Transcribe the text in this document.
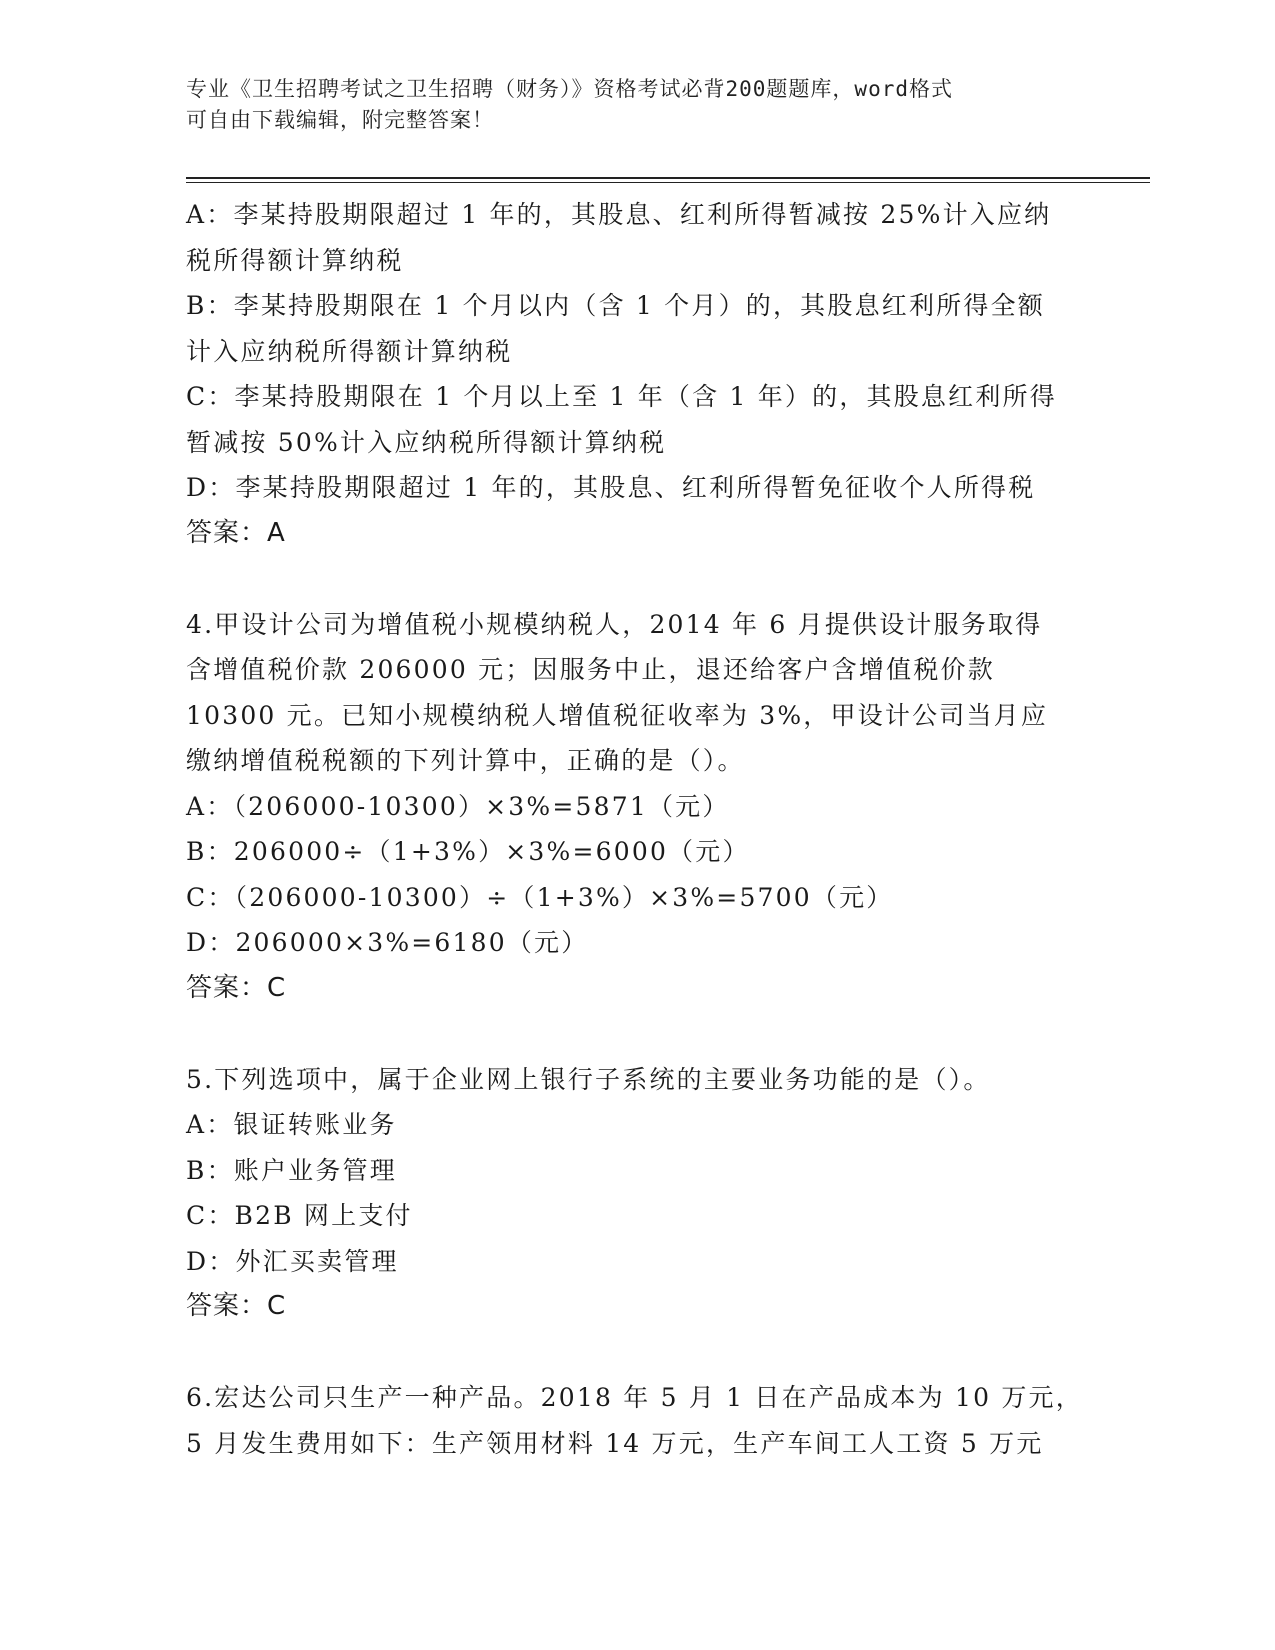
专业《卫生招聘考试之卫生招聘（财务）》资格考试必背200题题库，word格式
可自由下载编辑，附完整答案！
A：李某持股期限超过 1 年的，其股息、红利所得暂减按 25%计入应纳
税所得额计算纳税
B：李某持股期限在 1 个月以内（含 1 个月）的，其股息红利所得全额
计入应纳税所得额计算纳税
C：李某持股期限在 1 个月以上至 1 年（含 1 年）的，其股息红利所得
暂减按 50%计入应纳税所得额计算纳税
D：李某持股期限超过 1 年的，其股息、红利所得暂免征收个人所得税
答案：A
4.甲设计公司为增值税小规模纳税人，2014 年 6 月提供设计服务取得
含增值税价款 206000 元；因服务中止，退还给客户含增值税价款
10300 元。已知小规模纳税人增值税征收率为 3%，甲设计公司当月应
缴纳增值税税额的下列计算中，正确的是（）。
A：（206000-10300）×3%=5871（元）
B：206000÷（1+3%）×3%=6000（元）
C：（206000-10300）÷（1+3%）×3%=5700（元）
D：206000×3%=6180（元）
答案：C
5.下列选项中，属于企业网上银行子系统的主要业务功能的是（）。
A：银证转账业务
B：账户业务管理
C：B2B 网上支付
D：外汇买卖管理
答案：C
6.宏达公司只生产一种产品。2018 年 5 月 1 日在产品成本为 10 万元，
5 月发生费用如下：生产领用材料 14 万元，生产车间工人工资 5 万元
